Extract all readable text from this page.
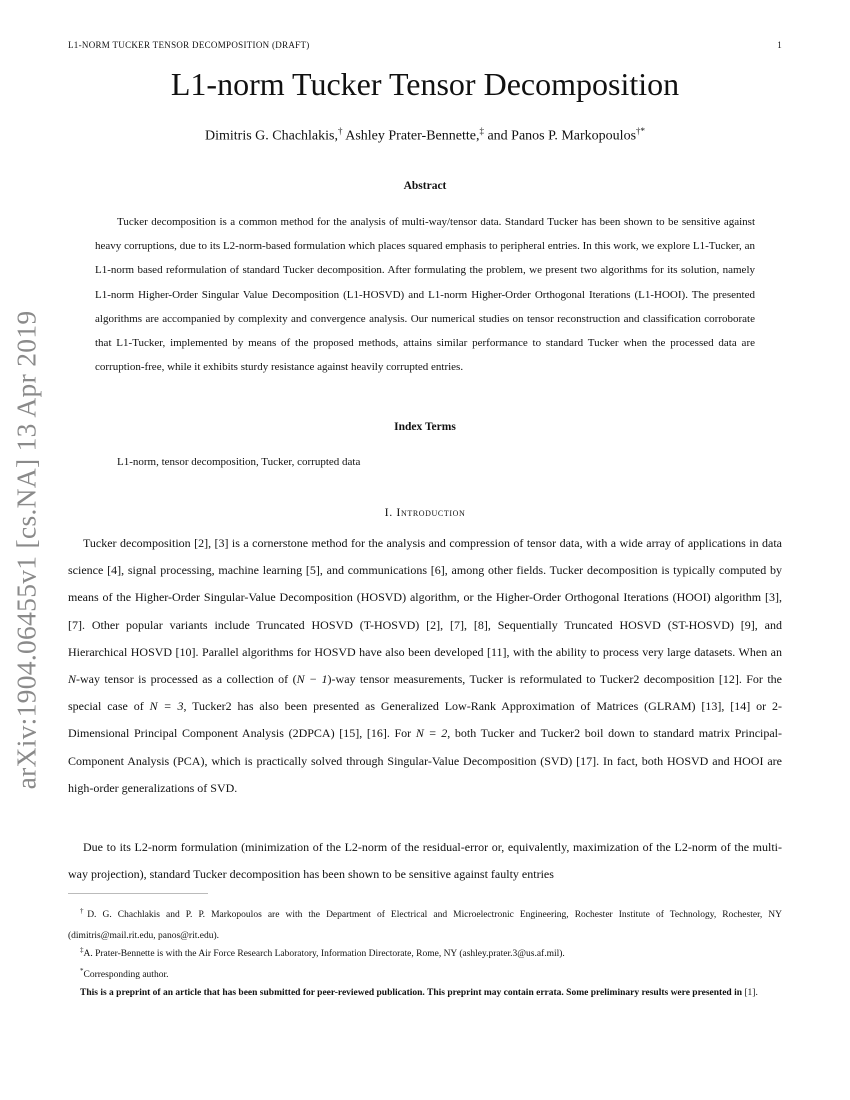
L1-NORM TUCKER TENSOR DECOMPOSITION (DRAFT)	1
arXiv:1904.06455v1 [cs.NA] 13 Apr 2019
L1-norm Tucker Tensor Decomposition
Dimitris G. Chachlakis,† Ashley Prater-Bennette,‡ and Panos P. Markopoulos†*
Abstract

Tucker decomposition is a common method for the analysis of multi-way/tensor data. Standard Tucker has been shown to be sensitive against heavy corruptions, due to its L2-norm-based formulation which places squared emphasis to peripheral entries. In this work, we explore L1-Tucker, an L1-norm based reformulation of standard Tucker decomposition. After formulating the problem, we present two algorithms for its solution, namely L1-norm Higher-Order Singular Value Decomposition (L1-HOSVD) and L1-norm Higher-Order Orthogonal Iterations (L1-HOOI). The presented algorithms are accompanied by complexity and convergence analysis. Our numerical studies on tensor reconstruction and classification corroborate that L1-Tucker, implemented by means of the proposed methods, attains similar performance to standard Tucker when the processed data are corruption-free, while it exhibits sturdy resistance against heavily corrupted entries.

Index Terms
L1-norm, tensor decomposition, Tucker, corrupted data
I. Introduction

Tucker decomposition [2], [3] is a cornerstone method for the analysis and compression of tensor data, with a wide array of applications in data science [4], signal processing, machine learning [5], and communications [6], among other fields. Tucker decomposition is typically computed by means of the Higher-Order Singular-Value Decomposition (HOSVD) algorithm, or the Higher-Order Orthogonal Iterations (HOOI) algorithm [3], [7]. Other popular variants include Truncated HOSVD (T-HOSVD) [2], [7], [8], Sequentially Truncated HOSVD (ST-HOSVD) [9], and Hierarchical HOSVD [10]. Parallel algorithms for HOSVD have also been developed [11], with the ability to process very large datasets. When an N-way tensor is processed as a collection of (N − 1)-way tensor measurements, Tucker is reformulated to Tucker2 decomposition [12]. For the special case of N = 3, Tucker2 has also been presented as Generalized Low-Rank Approximation of Matrices (GLRAM) [13], [14] or 2-Dimensional Principal Component Analysis (2DPCA) [15], [16]. For N = 2, both Tucker and Tucker2 boil down to standard matrix Principal-Component Analysis (PCA), which is practically solved through Singular-Value Decomposition (SVD) [17]. In fact, both HOSVD and HOOI are high-order generalizations of SVD.

Due to its L2-norm formulation (minimization of the L2-norm of the residual-error or, equivalently, maximization of the L2-norm of the multi-way projection), standard Tucker decomposition has been shown to be sensitive against faulty entries

†D. G. Chachlakis and P. P. Markopoulos are with the Department of Electrical and Microelectronic Engineering, Rochester Institute of Technology, Rochester, NY (dimitris@mail.rit.edu, panos@rit.edu).

‡A. Prater-Bennette is with the Air Force Research Laboratory, Information Directorate, Rome, NY (ashley.prater.3@us.af.mil).

*Corresponding author.

This is a preprint of an article that has been submitted for peer-reviewed publication. This preprint may contain errata. Some preliminary results were presented in [1].
